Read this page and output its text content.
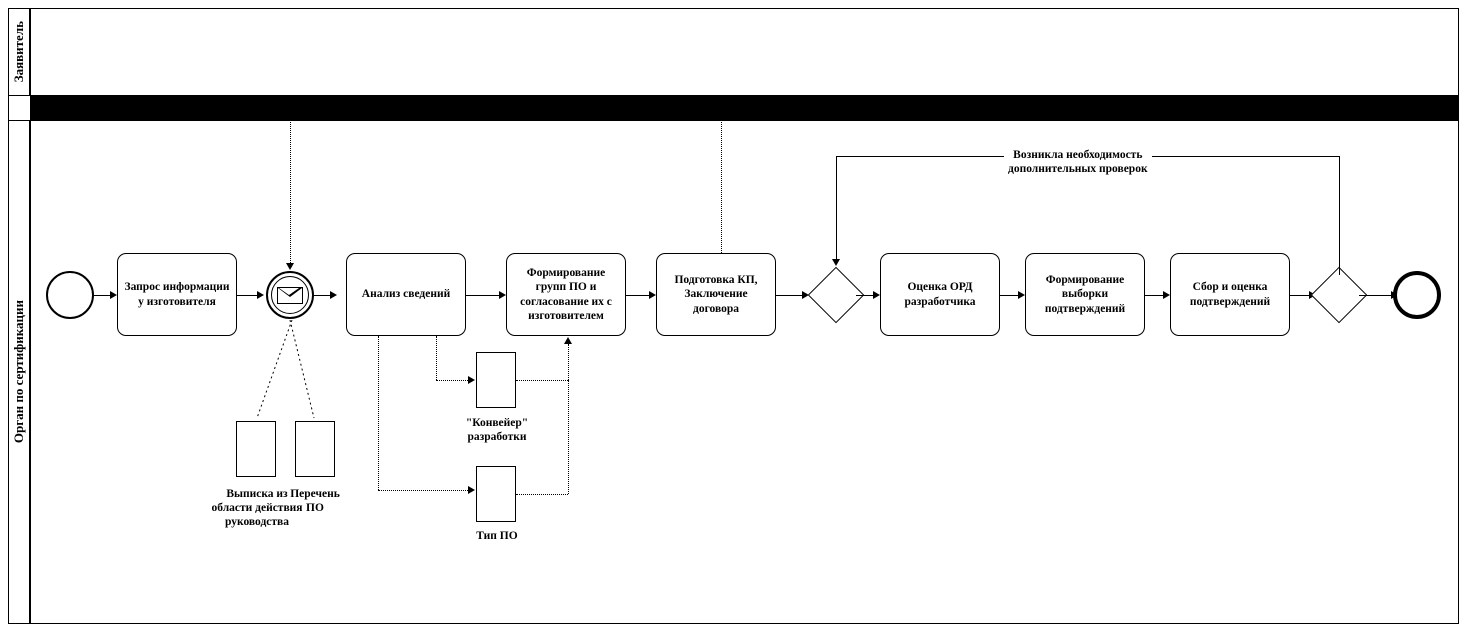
Заявитель
Орган по сертификации
Запрос информации у изготовителя
Выписка из области действия руководства
Перечень ПО
Анализ сведений
"Конвейер" разработки
Тип ПО
Формирование групп ПО и согласование их с изготовителем
Подготовка КП, Заключение договора
Оценка ОРД разработчика
Формирование выборки подтверждений
Сбор и оценка подтверждений
Возникла необходимость
дополнительных проверок
